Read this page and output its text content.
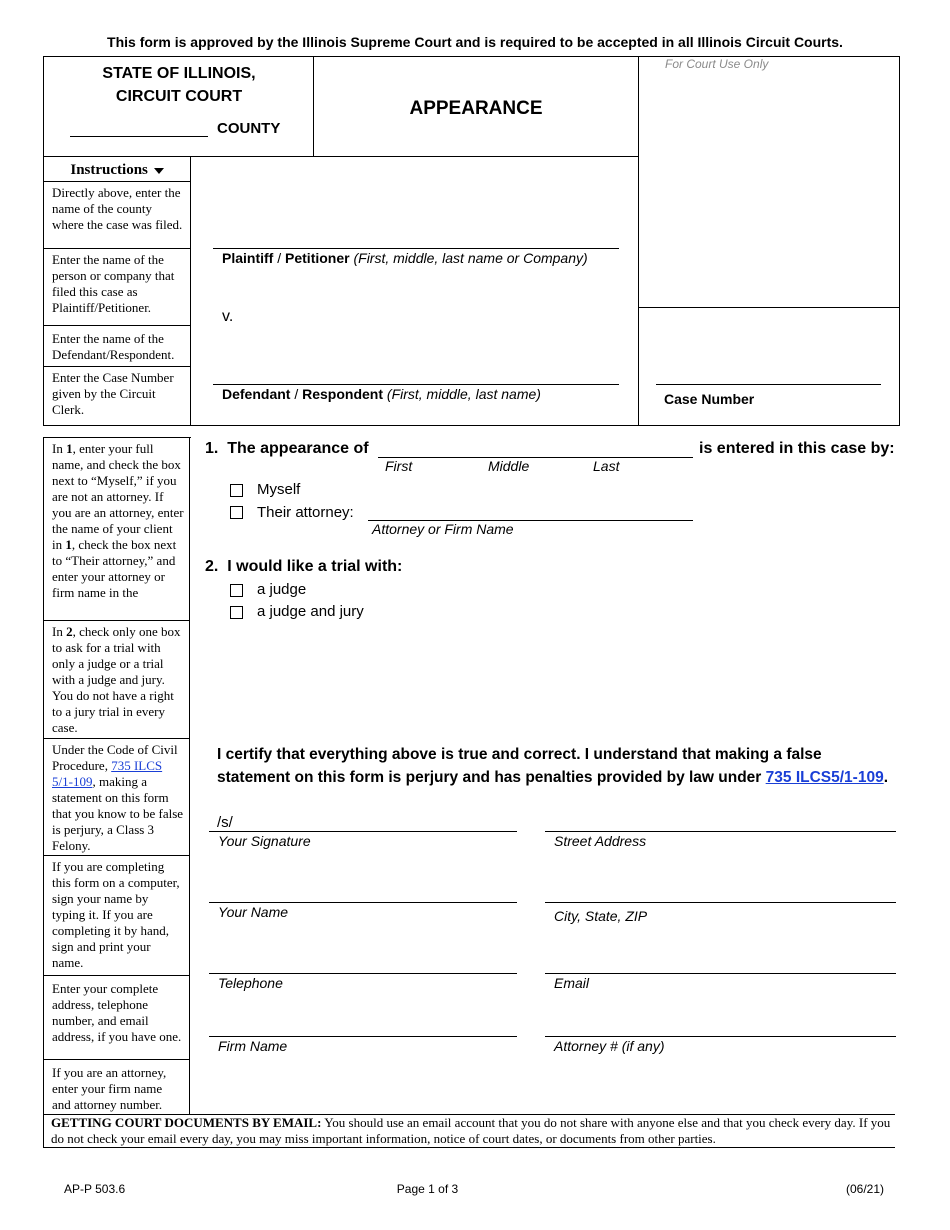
This form is approved by the Illinois Supreme Court and is required to be accepted in all Illinois Circuit Courts.
STATE OF ILLINOIS,
CIRCUIT COURT
COUNTY
APPEARANCE
For Court Use Only
Instructions
Directly above, enter the name of the county where the case was filed.
Enter the name of the person or company that filed this case as Plaintiff/Petitioner.
Enter the name of the Defendant/Respondent.
Enter the Case Number given by the Circuit Clerk.
Plaintiff / Petitioner (First, middle, last name or Company)
v.
Defendant / Respondent (First, middle, last name)	Case Number
In 1, enter your full name, and check the box next to “Myself,” if you are not an attorney. If you are an attorney, enter the name of your client in 1, check the box next to “Their attorney,” and enter your attorney or firm name in the
In 2, check only one box to ask for a trial with only a judge or a trial with a judge and jury. You do not have a right to a jury trial in every case.
Under the Code of Civil Procedure, 735 ILCS 5/1-109, making a statement on this form that you know to be false is perjury, a Class 3 Felony.
If you are completing this form on a computer, sign your name by typing it. If you are completing it by hand, sign and print your name.
Enter your complete address, telephone number, and email address, if you have one.
If you are an attorney, enter your firm name and attorney number.
1. The appearance of	is entered in this case by:
First	Middle	Last
Myself
Their attorney:
Attorney or Firm Name
2. I would like a trial with:
a judge
a judge and jury
I certify that everything above is true and correct. I understand that making a false
statement on this form is perjury and has penalties provided by law under 735 ILCS5/1-109.
/s/
Your Signature	Street Address
Your Name	City, State, ZIP
Telephone	Email
Firm Name	Attorney # (if any)
GETTING COURT DOCUMENTS BY EMAIL: You should use an email account that you do not share with anyone else and that you check every day. If you do not check your email every day, you may miss important information, notice of court dates, or documents from other parties.
AP-P 503.6	Page 1 of 3	(06/21)
